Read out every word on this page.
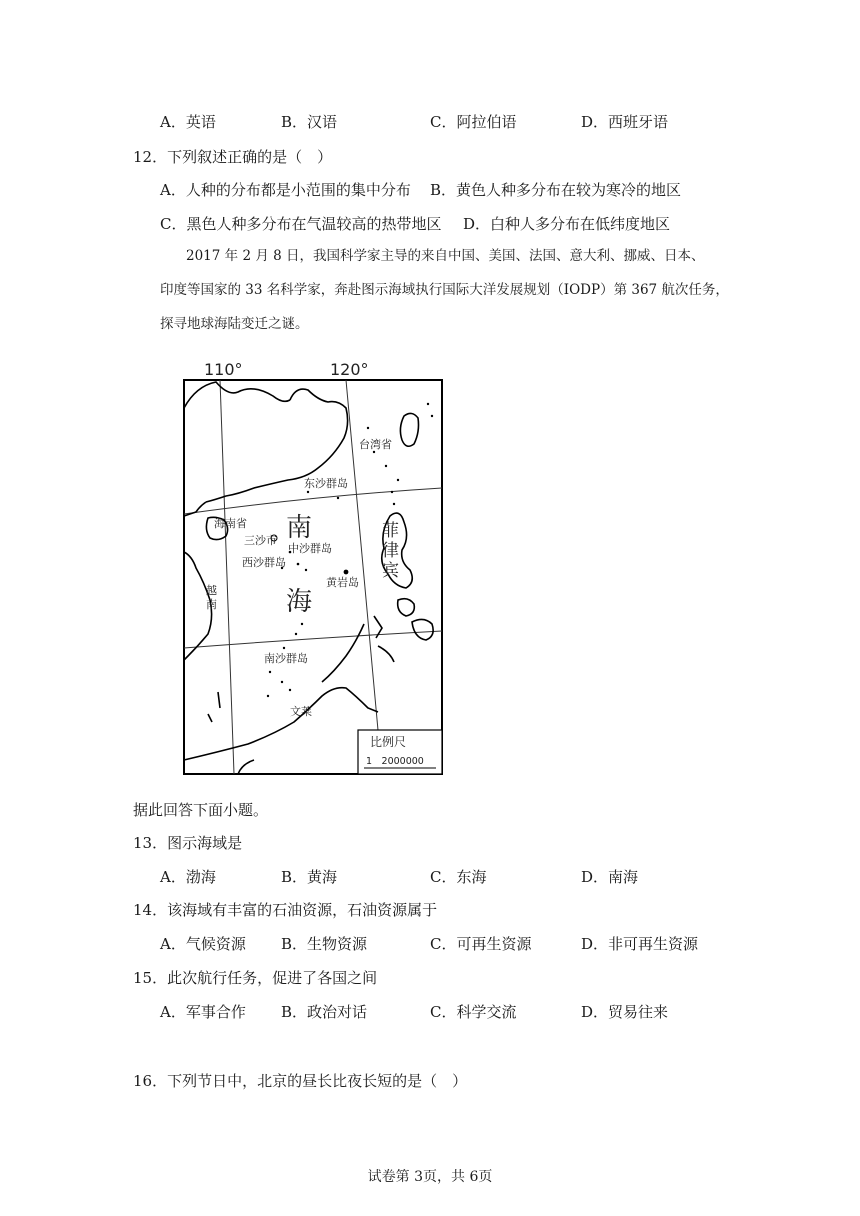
A．英语	B．汉语	C．阿拉伯语	D．西班牙语
12．下列叙述正确的是（　）
A．人种的分布都是小范围的集中分布 B．黄色人种多分布在较为寒冷的地区
C．黑色人种多分布在气温较高的热带地区 D．白种人多分布在低纬度地区
2017 年 2 月 8 日，我国科学家主导的来自中国、美国、法国、意大利、挪威、日本、
印度等国家的 33 名科学家，奔赴图示海域执行国际大洋发展规划（IODP）第 367 航次任务，
探寻地球海陆变迁之谜。
110°	120°
台湾省
东沙群岛
海南省
三沙市
中沙群岛
西沙群岛
黄岩岛
南沙群岛
文莱
越
南
菲
律
宾
南
海
比例尺
1　2000000
据此回答下面小题。
13．图示海域是
A．渤海	B．黄海	C．东海	D．南海
14．该海域有丰富的石油资源，石油资源属于
A．气候资源 B．生物资源	C．可再生资源	D．非可再生资源
15．此次航行任务，促进了各国之间
A．军事合作 B．政治对话	C．科学交流	D．贸易往来
16．下列节日中，北京的昼长比夜长短的是（　）
试卷第 3页，共 6页
